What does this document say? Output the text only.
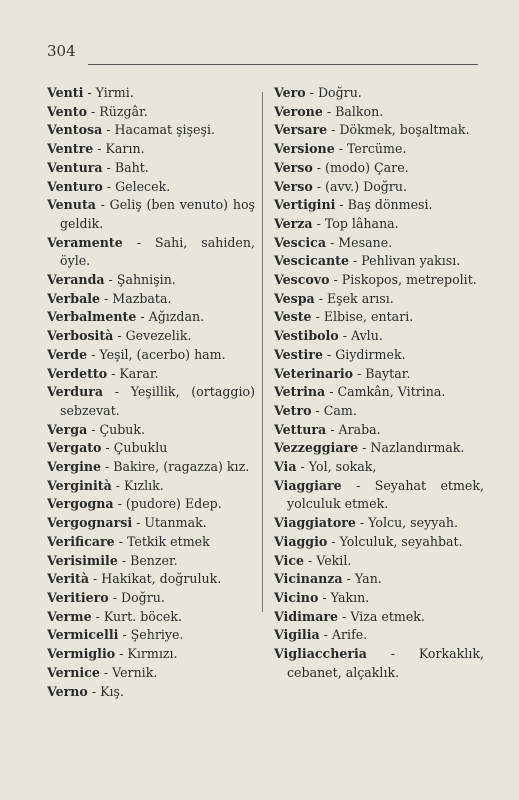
304

Venti - Yirmi.

Vento - Rüzgâr.

Ventosa - Hacamat şişeşi.

Ventre - Karın.

Ventura - Baht.

Venturo - Gelecek.

Venuta - Geliş (ben venuto) hoş geldik.

Veramente - Sahi, sahiden, öyle.

Veranda - Şahnişin.

Verbale - Mazbata.

Verbalmente - Ağızdan.

Verbosità - Gevezelik.

Verde - Yeşil, (acerbo) ham.

Verdetto - Karar.

Verdura - Yeşillik, (ortaggio) sebzevat.

Verga - Çubuk.

Vergato - Çubuklu

Vergine - Bakire, (ragazza) kız.

Verginità - Kızlık.

Vergogna - (pudore) Edep.

Vergognarsi - Utanmak.

Verificare - Tetkik etmek

Verisimile - Benzer.

Verità - Hakikat, doğruluk.

Veritiero - Doğru.

Verme - Kurt. böcek.

Vermicelli - Şehriye.

Vermiglio - Kırmızı.

Vernice - Vernik.

Verno - Kış.

Vero - Doğru.

Verone - Balkon.

Versare - Dökmek, boşaltmak.

Versione - Tercüme.

Verso - (modo) Çare.

Verso - (avv.) Doğru.

Vertigini - Baş dönmesi.

Verza - Top lâhana.

Vescica - Mesane.

Vescicante - Pehlivan yakısı.

Vescovo - Piskopos, metrepolit.

Vespa - Eşek arısı.

Veste - Elbise, entari.

Vestibolo - Avlu.

Vestire - Giydirmek.

Veterinario - Baytar.

Vetrina - Camkân, Vitrina.

Vetro - Cam.

Vettura - Araba.

Vezzeggiare - Nazlandırmak.

Via - Yol, sokak,

Viaggiare - Seyahat etmek, yolculuk etmek.

Viaggiatore - Yolcu, seyyah.

Viaggio - Yolculuk, seyahbat.

Vice - Vekil.

Vicinanza - Yan.

Vicino - Yakın.

Vidimare - Viza etmek.

Vigilia - Arife.

Vigliaccheria - Korkaklık, cebanet, alçaklık.
